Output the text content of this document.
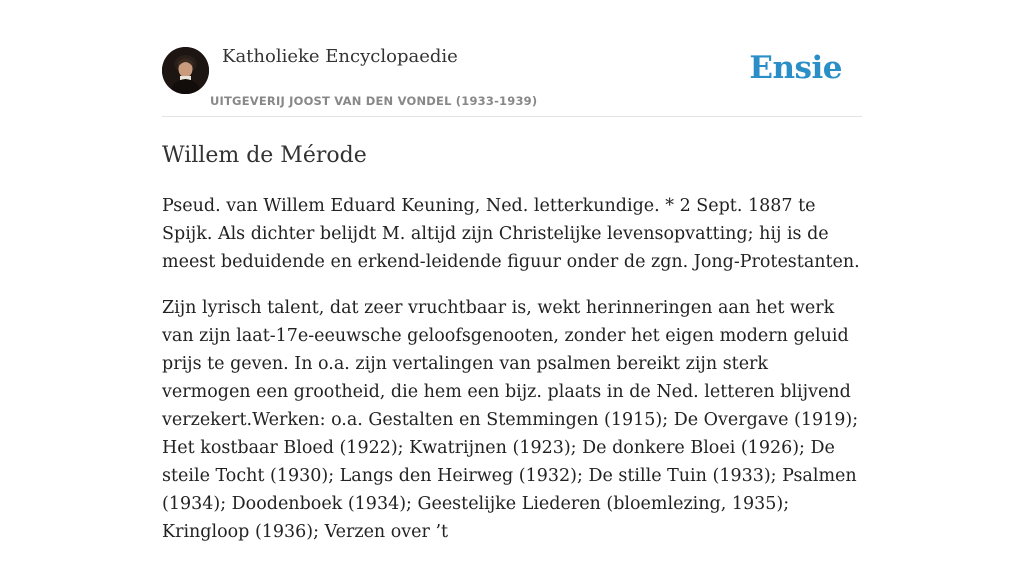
Katholieke Encyclopaedie
UITGEVERIJ JOOST VAN DEN VONDEL (1933-1939)
Ensie
Willem de Mérode

Pseud. van Willem Eduard Keuning, Ned. letterkundige. * 2 Sept. 1887 te Spijk. Als dichter belijdt M. altijd zijn Christelijke levensopvatting; hij is de meest beduidende en erkend-leidende figuur onder de zgn. Jong-Protestanten.

Zijn lyrisch talent, dat zeer vruchtbaar is, wekt herinneringen aan het werk van zijn laat-17e-eeuwsche geloofsgenooten, zonder het eigen modern geluid prijs te geven. In o.a. zijn vertalingen van psalmen bereikt zijn sterk vermogen een grootheid, die hem een bijz. plaats in de Ned. letteren blijvend verzekert.Werken: o.a. Gestalten en Stemmingen (1915); De Overgave (1919); Het kostbaar Bloed (1922); Kwatrijnen (1923); De donkere Bloei (1926); De steile Tocht (1930); Langs den Heirweg (1932); De stille Tuin (1933); Psalmen (1934); Doodenboek (1934); Geestelijke Liederen (bloemlezing, 1935); Kringloop (1936); Verzen over ’t
